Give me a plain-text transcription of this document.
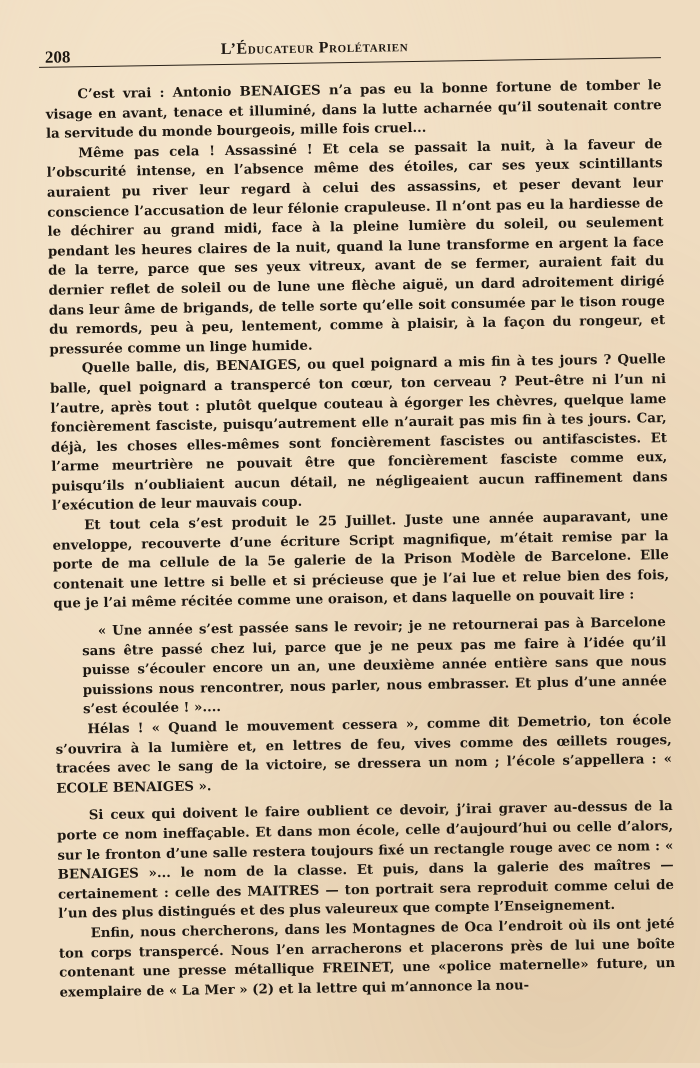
208	L’Éducateur Prolétarien

C’est vrai : Antonio BENAIGES n’a pas eu la bonne fortune de tomber le visage en avant, tenace et illuminé, dans la lutte acharnée qu’il soutenait contre la servitude du monde bourgeois, mille fois cruel...

Même pas cela ! Assassiné ! Et cela se passait la nuit, à la faveur de l’obscurité intense, en l’absence même des étoiles, car ses yeux scintillants auraient pu river leur regard à celui des assassins, et peser devant leur conscience l’accusation de leur félonie crapuleuse. Il n’ont pas eu la hardiesse de le déchirer au grand midi, face à la pleine lumière du soleil, ou seulement pendant les heures claires de la nuit, quand la lune transforme en argent la face de la terre, parce que ses yeux vitreux, avant de se fermer, auraient fait du dernier reflet de soleil ou de lune une flèche aiguë, un dard adroitement dirigé dans leur âme de brigands, de telle sorte qu’elle soit consumée par le tison rouge du remords, peu à peu, lentement, comme à plaisir, à la façon du rongeur, et pressurée comme un linge humide.

Quelle balle, dis, BENAIGES, ou quel poignard a mis fin à tes jours ? Quelle balle, quel poignard a transpercé ton cœur, ton cerveau ? Peut-être ni l’un ni l’autre, après tout : plutôt quelque couteau à égorger les chèvres, quelque lame foncièrement fasciste, puisqu’autrement elle n’aurait pas mis fin à tes jours. Car, déjà, les choses elles-mêmes sont foncièrement fascistes ou antifascistes. Et l’arme meurtrière ne pouvait être que foncièrement fasciste comme eux, puisqu’ils n’oubliaient aucun détail, ne négligeaient aucun raffinement dans l’exécution de leur mauvais coup.

Et tout cela s’est produit le 25 Juillet. Juste une année auparavant, une enveloppe, recouverte d’une écriture Script magnifique, m’était remise par la porte de ma cellule de la 5e galerie de la Prison Modèle de Barcelone. Elle contenait une lettre si belle et si précieuse que je l’ai lue et relue bien des fois, que je l’ai même récitée comme une oraison, et dans laquelle on pouvait lire :

« Une année s’est passée sans le revoir; je ne retournerai pas à Barcelone sans être passé chez lui, parce que je ne peux pas me faire à l’idée qu’il puisse s’écouler encore un an, une deuxième année entière sans que nous puissions nous rencontrer, nous parler, nous embrasser. Et plus d’une année s’est écoulée ! »....

Hélas ! « Quand le mouvement cessera », comme dit Demetrio, ton école s’ouvrira à la lumière et, en lettres de feu, vives comme des œillets rouges, tracées avec le sang de la victoire, se dressera un nom ; l’école s’appellera : « ECOLE BENAIGES ».

Si ceux qui doivent le faire oublient ce devoir, j’irai graver au-dessus de la porte ce nom ineffaçable. Et dans mon école, celle d’aujourd’hui ou celle d’alors, sur le fronton d’une salle restera toujours fixé un rectangle rouge avec ce nom : « BENAIGES »... le nom de la classe. Et puis, dans la galerie des maîtres — certainement : celle des MAITRES — ton portrait sera reproduit comme celui de l’un des plus distingués et des plus valeureux que compte l’Enseignement.

Enfin, nous chercherons, dans les Montagnes de Oca l’endroit où ils ont jeté ton corps transpercé. Nous l’en arracherons et placerons près de lui une boîte contenant une presse métallique FREINET, une «police maternelle» future, un exemplaire de « La Mer » (2) et la lettre qui m’annonce la nou-
